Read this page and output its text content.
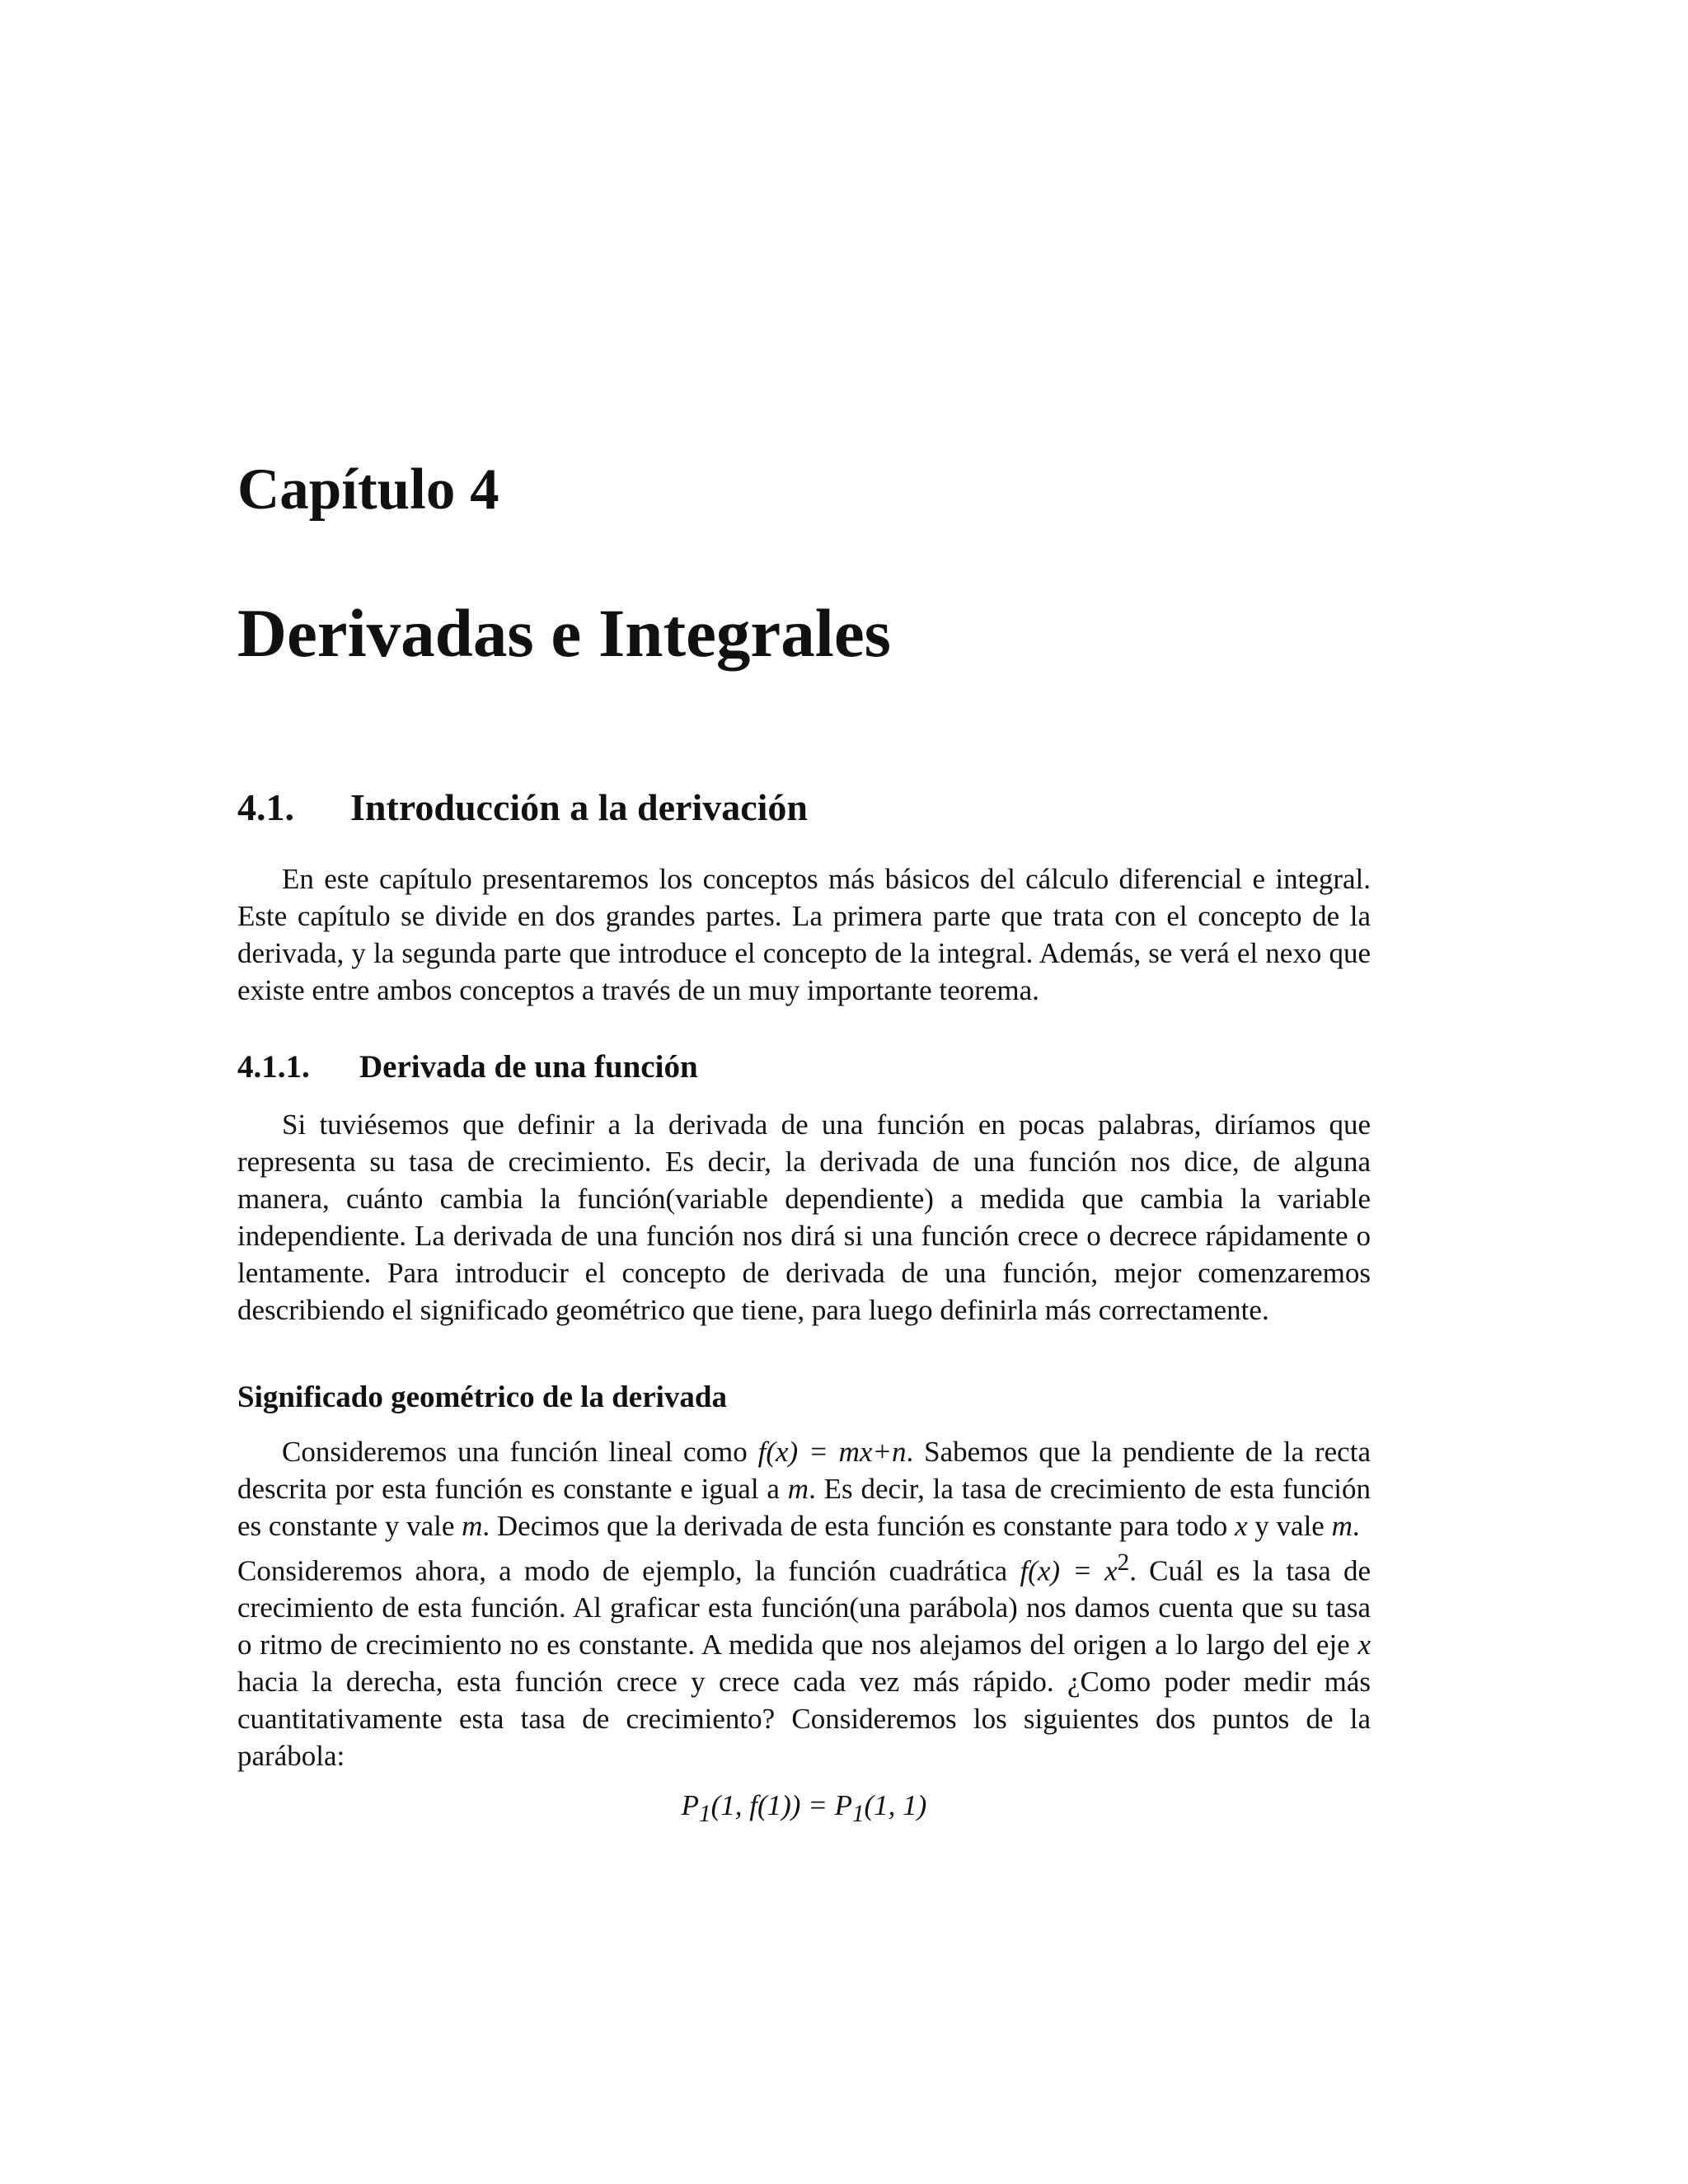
Capítulo 4
Derivadas e Integrales
4.1. Introducción a la derivación

En este capítulo presentaremos los conceptos más básicos del cálculo diferencial e integral. Este capítulo se divide en dos grandes partes. La primera parte que trata con el concepto de la derivada, y la segunda parte que introduce el concepto de la integral. Además, se verá el nexo que existe entre ambos conceptos a través de un muy importante teorema.

4.1.1. Derivada de una función

Si tuviésemos que definir a la derivada de una función en pocas palabras, diríamos que representa su tasa de crecimiento. Es decir, la derivada de una función nos dice, de alguna manera, cuánto cambia la función(variable dependiente) a medida que cambia la variable independiente. La derivada de una función nos dirá si una función crece o decrece rápidamente o lentamente. Para introducir el concepto de derivada de una función, mejor comenzaremos describiendo el significado geométrico que tiene, para luego definirla más correctamente.

Significado geométrico de la derivada

Consideremos una función lineal como f(x) = mx+n. Sabemos que la pendiente de la recta descrita por esta función es constante e igual a m. Es decir, la tasa de crecimiento de esta función es constante y vale m. Decimos que la derivada de esta función es constante para todo x y vale m.

Consideremos ahora, a modo de ejemplo, la función cuadrática $f(x) = x^2$. Cuál es la tasa de crecimiento de esta función. Al graficar esta función(una parábola) nos damos cuenta que su tasa o ritmo de crecimiento no es constante. A medida que nos alejamos del origen a lo largo del eje x hacia la derecha, esta función crece y crece cada vez más rápido. ¿Como poder medir más cuantitativamente esta tasa de crecimiento? Consideremos los siguientes dos puntos de la parábola:

$P_1(1$, $f(1)) = P_1(1$, 1)
